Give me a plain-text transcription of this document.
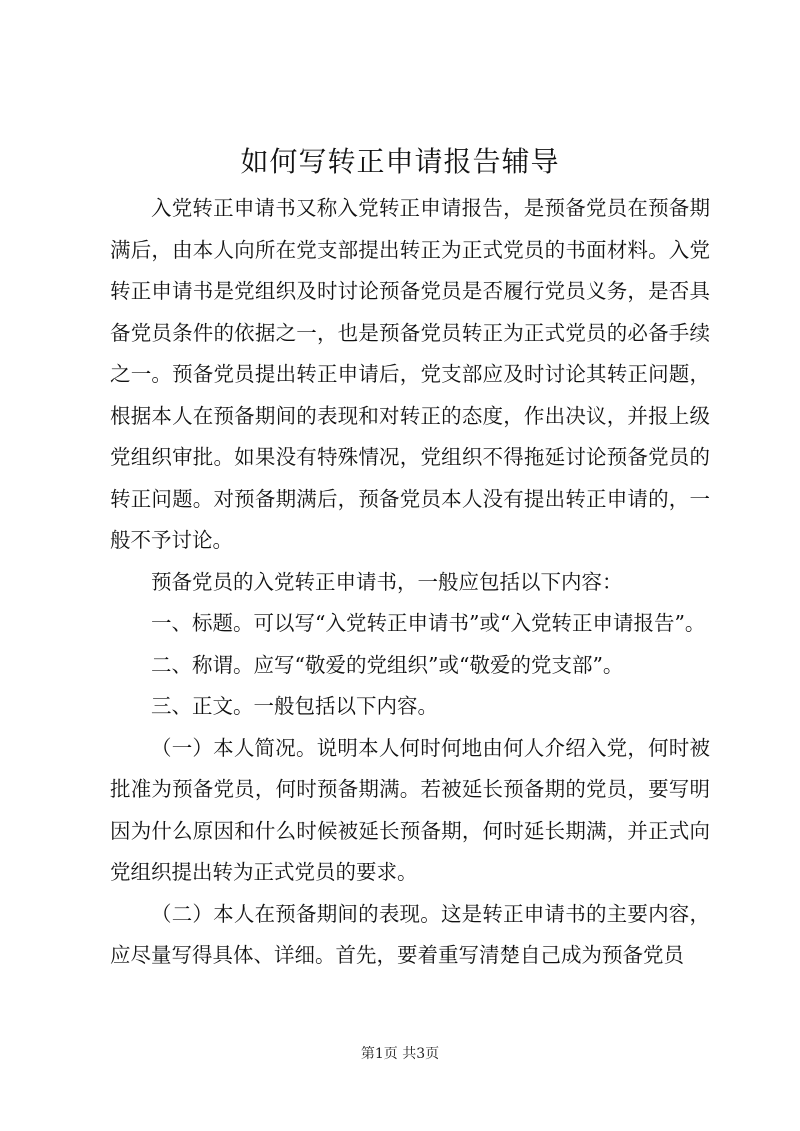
如何写转正申请报告辅导

入党转正申请书又称入党转正申请报告，是预备党员在预备期满后，由本人向所在党支部提出转正为正式党员的书面材料。入党转正申请书是党组织及时讨论预备党员是否履行党员义务，是否具备党员条件的依据之一，也是预备党员转正为正式党员的必备手续之一。预备党员提出转正申请后，党支部应及时讨论其转正问题，根据本人在预备期间的表现和对转正的态度，作出决议，并报上级党组织审批。如果没有特殊情况，党组织不得拖延讨论预备党员的转正问题。对预备期满后，预备党员本人没有提出转正申请的，一般不予讨论。

预备党员的入党转正申请书，一般应包括以下内容：

一、标题。可以写“入党转正申请书”或“入党转正申请报告”。

二、称谓。应写“敬爱的党组织”或“敬爱的党支部”。

三、正文。一般包括以下内容。

（一）本人简况。说明本人何时何地由何人介绍入党，何时被批准为预备党员，何时预备期满。若被延长预备期的党员，要写明因为什么原因和什么时候被延长预备期，何时延长期满，并正式向党组织提出转为正式党员的要求。

（二）本人在预备期间的表现。这是转正申请书的主要内容，应尽量写得具体、详细。首先，要着重写清楚自己成为预备党员

第1页 共3页
